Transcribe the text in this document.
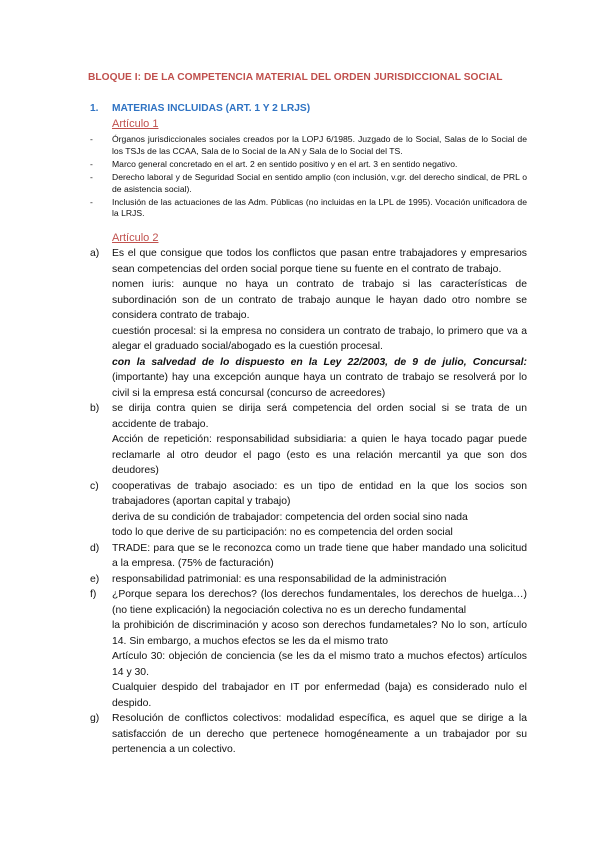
BLOQUE I: DE LA COMPETENCIA MATERIAL DEL ORDEN JURISDICCIONAL SOCIAL
1. MATERIAS INCLUIDAS (ART. 1 Y 2 LRJS)
Artículo 1
- Órganos jurisdiccionales sociales creados por la LOPJ 6/1985. Juzgado de lo Social, Salas de lo Social de los TSJs de las CCAA, Sala de lo Social de la AN y Sala de lo Social del TS.
- Marco general concretado en el art. 2 en sentido positivo y en el art. 3 en sentido negativo.
- Derecho laboral y de Seguridad Social en sentido amplio (con inclusión, v.gr. del derecho sindical, de PRL o de asistencia social).
- Inclusión de las actuaciones de las Adm. Públicas (no incluidas en la LPL de 1995). Vocación unificadora de la LRJS.
Artículo 2
a) Es el que consigue que todos los conflictos que pasan entre trabajadores y empresarios sean competencias del orden social porque tiene su fuente en el contrato de trabajo.

nomen iuris: aunque no haya un contrato de trabajo si las características de subordinación son de un contrato de trabajo aunque le hayan dado otro nombre se considera contrato de trabajo.

cuestión procesal: si la empresa no considera un contrato de trabajo, lo primero que va a alegar el graduado social/abogado es la cuestión procesal.

con la salvedad de lo dispuesto en la Ley 22/2003, de 9 de julio, Concursal: (importante) hay una excepción aunque haya un contrato de trabajo se resolverá por lo civil si la empresa está concursal (concurso de acreedores)

b) se dirija contra quien se dirija será competencia del orden social si se trata de un accidente de trabajo.

Acción de repetición: responsabilidad subsidiaria: a quien le haya tocado pagar puede reclamarle al otro deudor el pago (esto es una relación mercantil ya que son dos deudores)

c) cooperativas de trabajo asociado: es un tipo de entidad en la que los socios son trabajadores (aportan capital y trabajo)

deriva de su condición de trabajador: competencia del orden social sino nada

todo lo que derive de su participación: no es competencia del orden social

d) TRADE: para que se le reconozca como un trade tiene que haber mandado una solicitud a la empresa. (75% de facturación)

e) responsabilidad patrimonial: es una responsabilidad de la administración

f) ¿Porque separa los derechos? (los derechos fundamentales, los derechos de huelga…) (no tiene explicación) la negociación colectiva no es un derecho fundamental

la prohibición de discriminación y acoso son derechos fundametales? No lo son, artículo 14. Sin embargo, a muchos efectos se les da el mismo trato

Artículo 30: objeción de conciencia (se les da el mismo trato a muchos efectos) artículos 14 y 30.

Cualquier despido del trabajador en IT por enfermedad (baja) es considerado nulo el despido.

g) Resolución de conflictos colectivos: modalidad específica, es aquel que se dirige a la satisfacción de un derecho que pertenece homogéneamente a un trabajador por su pertenencia a un colectivo.
